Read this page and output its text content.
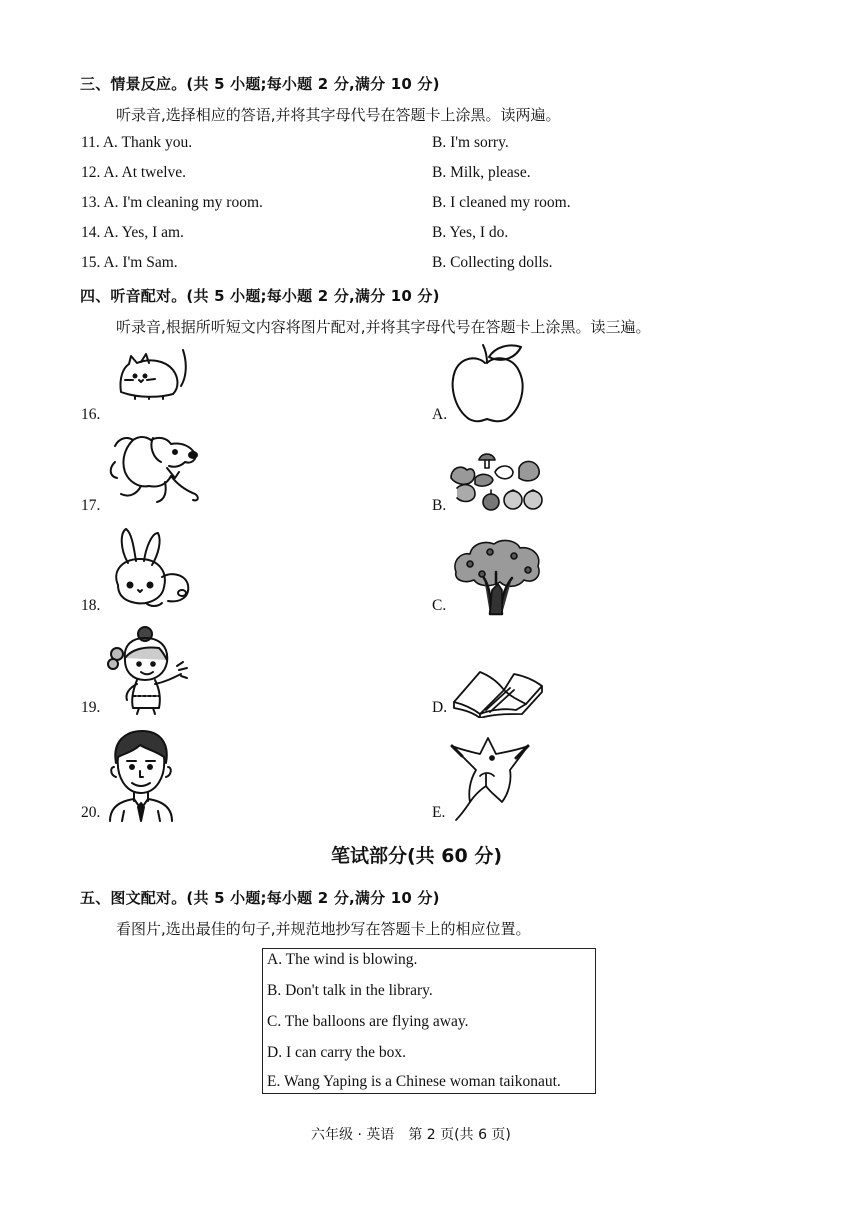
三、情景反应。(共 5 小题;每小题 2 分,满分 10 分)
听录音,选择相应的答语,并将其字母代号在答题卡上涂黑。读两遍。
11. A. Thank you.	B. I'm sorry.
12. A. At twelve.	B. Milk, please.
13. A. I'm cleaning my room.	B. I cleaned my room.
14. A. Yes, I am.	B. Yes, I do.
15. A. I'm Sam.	B. Collecting dolls.
四、听音配对。(共 5 小题;每小题 2 分,满分 10 分)
听录音,根据所听短文内容将图片配对,并将其字母代号在答题卡上涂黑。读三遍。
16.
17.
18.
19.
20.
A.
B.
C.
D.
E.
笔试部分(共 60 分)
五、图文配对。(共 5 小题;每小题 2 分,满分 10 分)
看图片,选出最佳的句子,并规范地抄写在答题卡上的相应位置。
A. The wind is blowing.
B. Don't talk in the library.
C. The balloons are flying away.
D. I can carry the box.
E. Wang Yaping is a Chinese woman taikonaut.
六年级 · 英语　第 2 页(共 6 页)
